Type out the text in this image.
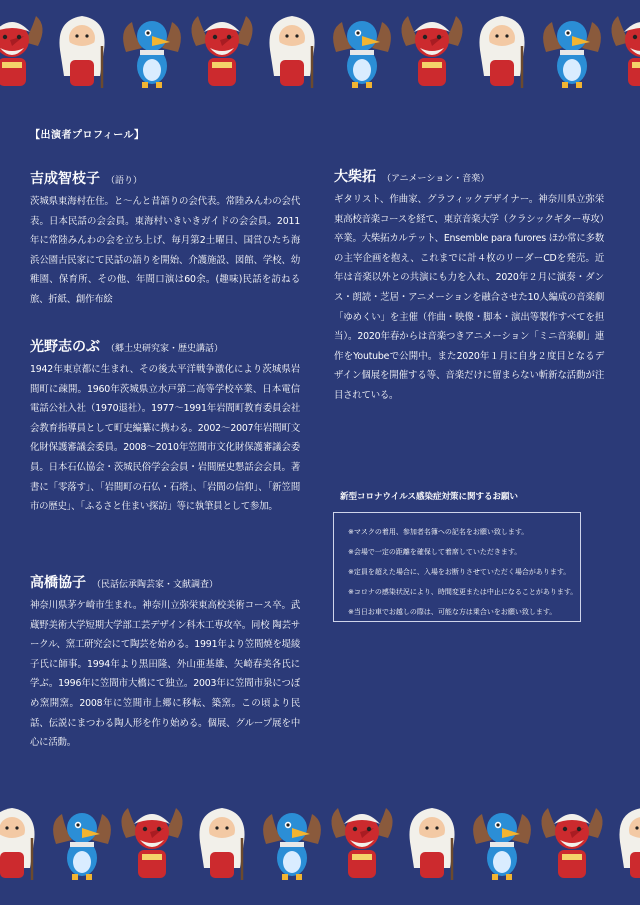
【出演者プロフィール】
吉成智枝子 （語り）
茨城県東海村在住。と〜んと昔語りの会代表。常陸みんわの会代表。日本民話の会会員。東海村いきいきガイドの会会員。2011年に常陸みんわの会を立ち上げ、毎月第2土曜日、国営ひたち海浜公園古民家にて民話の語りを開始、介護施設、図館、学校、幼稚園、保育所、その他、年間口演は60余。(趣味)民話を訪ねる旅、折紙、創作布絵
光野志のぶ （郷土史研究家・歴史講話）
1942年東京都に生まれ、その後太平洋戦争激化により茨城県岩間町に疎開。1960年茨城県立水戸第二高等学校卒業、日本電信電話公社入社（1970退社）。1977〜1991年岩間町教育委員会社会教育指導員として町史編纂に携わる。2002〜2007年岩間町文化財保護審議会委員。2008〜2010年笠間市文化財保護審議会委員。日本石仏協会・茨城民俗学会会員・岩間歴史懇話会会員。著書に「零落す」、「岩間町の石仏・石塔」、「岩間の信仰」、「新笠間市の歴史」、「ふるさと住まい探訪」等に執筆員として参加。
高橋協子 （民話伝承陶芸家・文献調査）
神奈川県茅ケ崎市生まれ。神奈川立弥栄東高校美術コース卒。武蔵野美術大学短期大学部工芸デザイン科木工専攻卒。同校 陶芸サークル、窯工研究会にて陶芸を始める。1991年より笠間焼を堤綾子氏に師事。1994年より黒田隆、外山亜基雄、矢崎春美各氏に学ぶ。1996年に笠間市大橋にて独立。2003年に笠間市泉につぼめ窯開窯。2008年に笠間市上郷に移転、築窯。この頃より民話、伝説にまつわる陶人形を作り始める。個展、グループ展を中心に活動。
大柴拓 （アニメーション・音楽）
ギタリスト、作曲家、グラフィックデザイナー。神奈川県立弥栄東高校音楽コースを経て、東京音楽大学（クラシックギター専攻）卒業。大柴拓カルテット、Ensemble para furores ほか常に多数の主宰企画を抱え、これまでに計４枚のリーダーCDを発売。近年は音楽以外との共演にも力を入れ、2020年２月に演奏・ダンス・朗読・芝居・アニメーションを融合させた10人編成の音楽劇「ゆめくい」を主催（作曲・映像・脚本・演出等製作すべてを担当）。2020年春からは音楽つきアニメーション「ミニ音楽劇」連作をYoutubeで公開中。また2020年１月に自身２度目となるデザイン個展を開催する等、音楽だけに留まらない斬新な活動が注目されている。
新型コロナウイルス感染症対策に関するお願い
※マスクの着用、参加者名簿への記名をお願い致します。
※会場で一定の距離を確保して着席していただきます。
※定員を超えた場合に、入場をお断りさせていただく場合があります。
※コロナの感染状況により、時間変更または中止になることがあります。
※当日お車でお越しの際は、可能な方は乗合いをお願い致します。
